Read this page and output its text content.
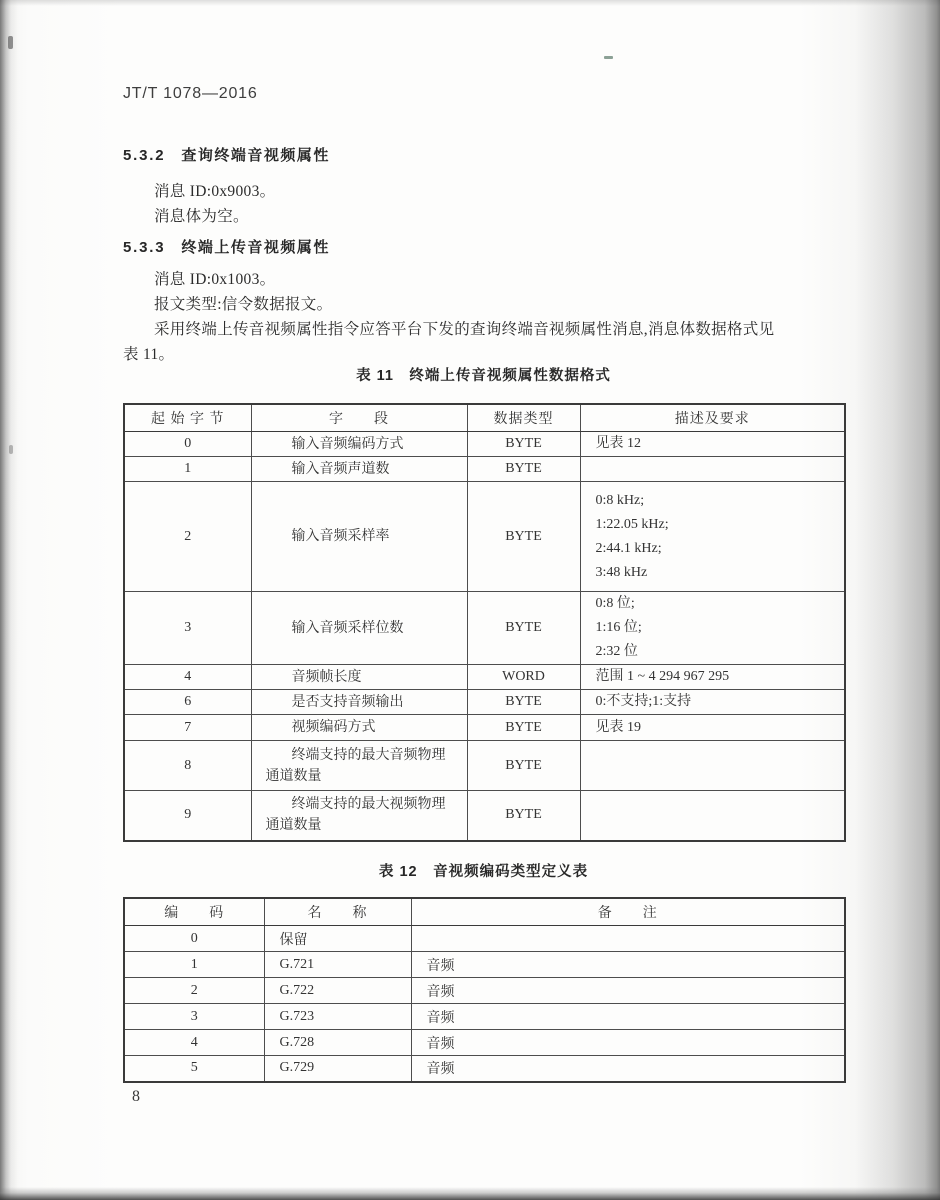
JT/T 1078—2016
5.3.2 查询终端音视频属性
消息 ID:0x9003。
消息体为空。
5.3.3 终端上传音视频属性
消息 ID:0x1003。
报文类型:信令数据报文。
采用终端上传音视频属性指令应答平台下发的查询终端音视频属性消息,消息体数据格式见
表 11。
表 11　终端上传音视频属性数据格式
起 始 字 节	字　　段	数据类型	描述及要求
0	输入音频编码方式	BYTE	见表 12

1	输入音频声道数	BYTE	
2	输入音频采样率	BYTE	0:8 kHz;
1:22.05 kHz;
2:44.1 kHz;
3:48 kHz

3	输入音频采样位数	BYTE	0:8 位;
1:16 位;
2:32 位

4	音频帧长度	WORD	范围 1 ~ 4 294 967 295

6	是否支持音频输出	BYTE	0:不支持;1:支持

7	视频编码方式	BYTE	见表 19

8	终端支持的最大音频物理通道数量	BYTE	
9	终端支持的最大视频物理通道数量	BYTE	
表 12　音视频编码类型定义表
编　　码	名　　称	备　　注
0	保留	
1	G.721	音频
2	G.722	音频
3	G.723	音频
4	G.728	音频
5	G.729	音频
8
